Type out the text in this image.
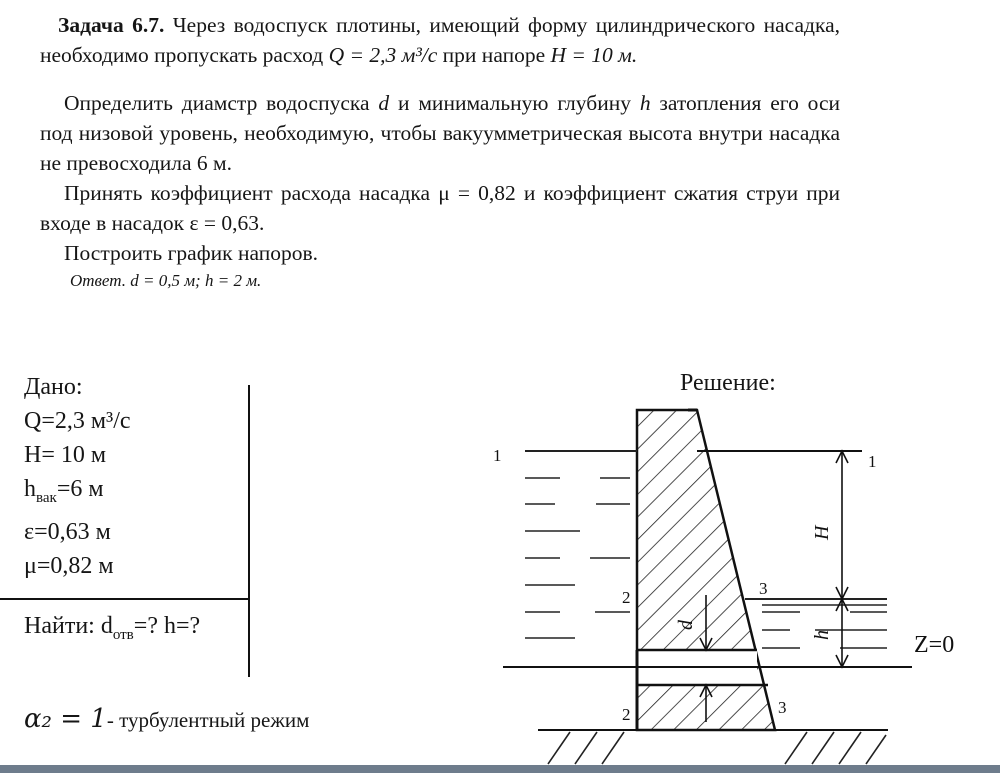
Задача 6.7. Через водоспуск плотины, имеющий форму цилиндрического насадка, необходимо пропускать расход Q = 2,3 м³/с при напоре H = 10 м.

Определить диамстр водоспуска d и минимальную глубину h затопления его оси под низовой уровень, необходимую, чтобы вакуумметрическая высота внутри насадка не превосходила 6 м.

Принять коэффициент расхода насадка μ = 0,82 и коэффициент сжатия струи при входе в насадок ε = 0,63.

Построить график напоров.

Ответ. d = 0,5 м; h = 2 м.

Дано:
Q=2,3 м³/с
H= 10 м
$h_{вак}=6$ м
ε=0,63 м
μ=0,82 м
Найти: $d_{отв}=$? h=?
α₂ = 1- турбулентный режим
Решение:
1	1
2
2
3
3
H
h
d
Z=0
